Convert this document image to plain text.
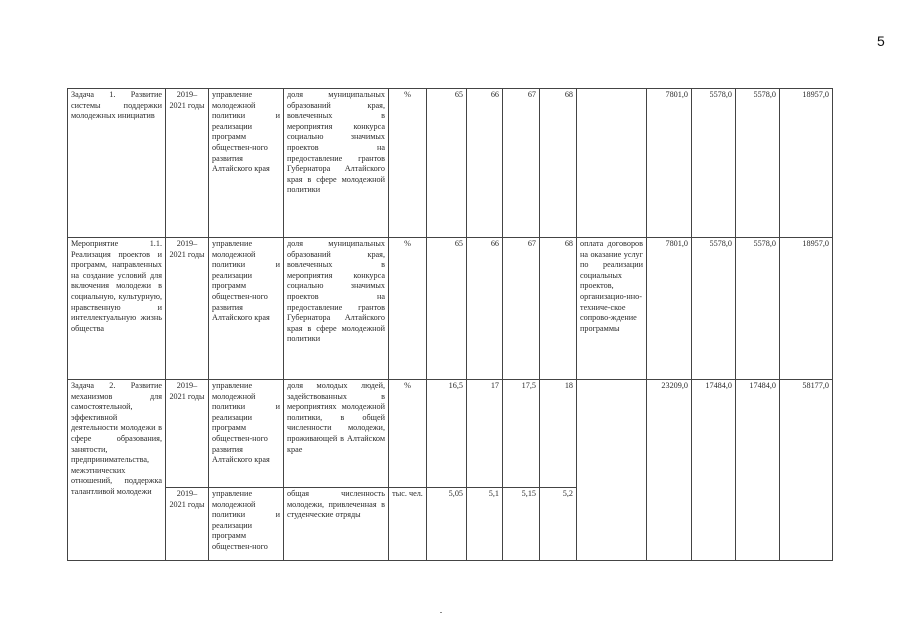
5
Задача 1. Развитие системы поддержки молодежных инициатив	2019–2021 годы	управление молодежной политики и реализации программ обществен-ного развития Алтайского края	доля муниципальных образований края, вовлеченных в мероприятия конкурса социально значимых проектов на предоставление грантов Губернатора Алтайского края в сфере молодежной политики	%	65	66	67	68		7801,0	5578,0	5578,0	18957,0
Мероприятие 1.1. Реализация проектов и программ, направленных на создание условий для включения молодежи в социальную, культурную, нравственную и интеллектуальную жизнь общества	2019–2021 годы	управление молодежной политики и реализации программ обществен-ного развития Алтайского края	доля муниципальных образований края, вовлеченных в мероприятия конкурса социально значимых проектов на предоставление грантов Губернатора Алтайского края в сфере молодежной политики	%	65	66	67	68	оплата договоров на оказание услуг по реализации социальных проектов, организацио-нно-техниче-ское сопрово-ждение программы	7801,0	5578,0	5578,0	18957,0
Задача 2. Развитие механизмов для самостоятельной, эффективной деятельности молодежи в сфере образования, занятости, предпринимательства, межэтнических отношений, поддержка талантливой молодежи	2019–2021 годы	управление молодежной политики и реализации программ обществен-ного развития Алтайского края	доля молодых людей, задействованных в мероприятиях молодежной политики, в общей численности молодежи, проживающей в Алтайском крае	%	16,5	17	17,5	18		23209,0	17484,0	17484,0	58177,0
	2019–2021 годы	управление молодежной политики и реализации программ обществен-ного	общая численность молодежи, привлеченная в студенческие отряды	тыс. чел.	5,05	5,1	5,15	5,2					
